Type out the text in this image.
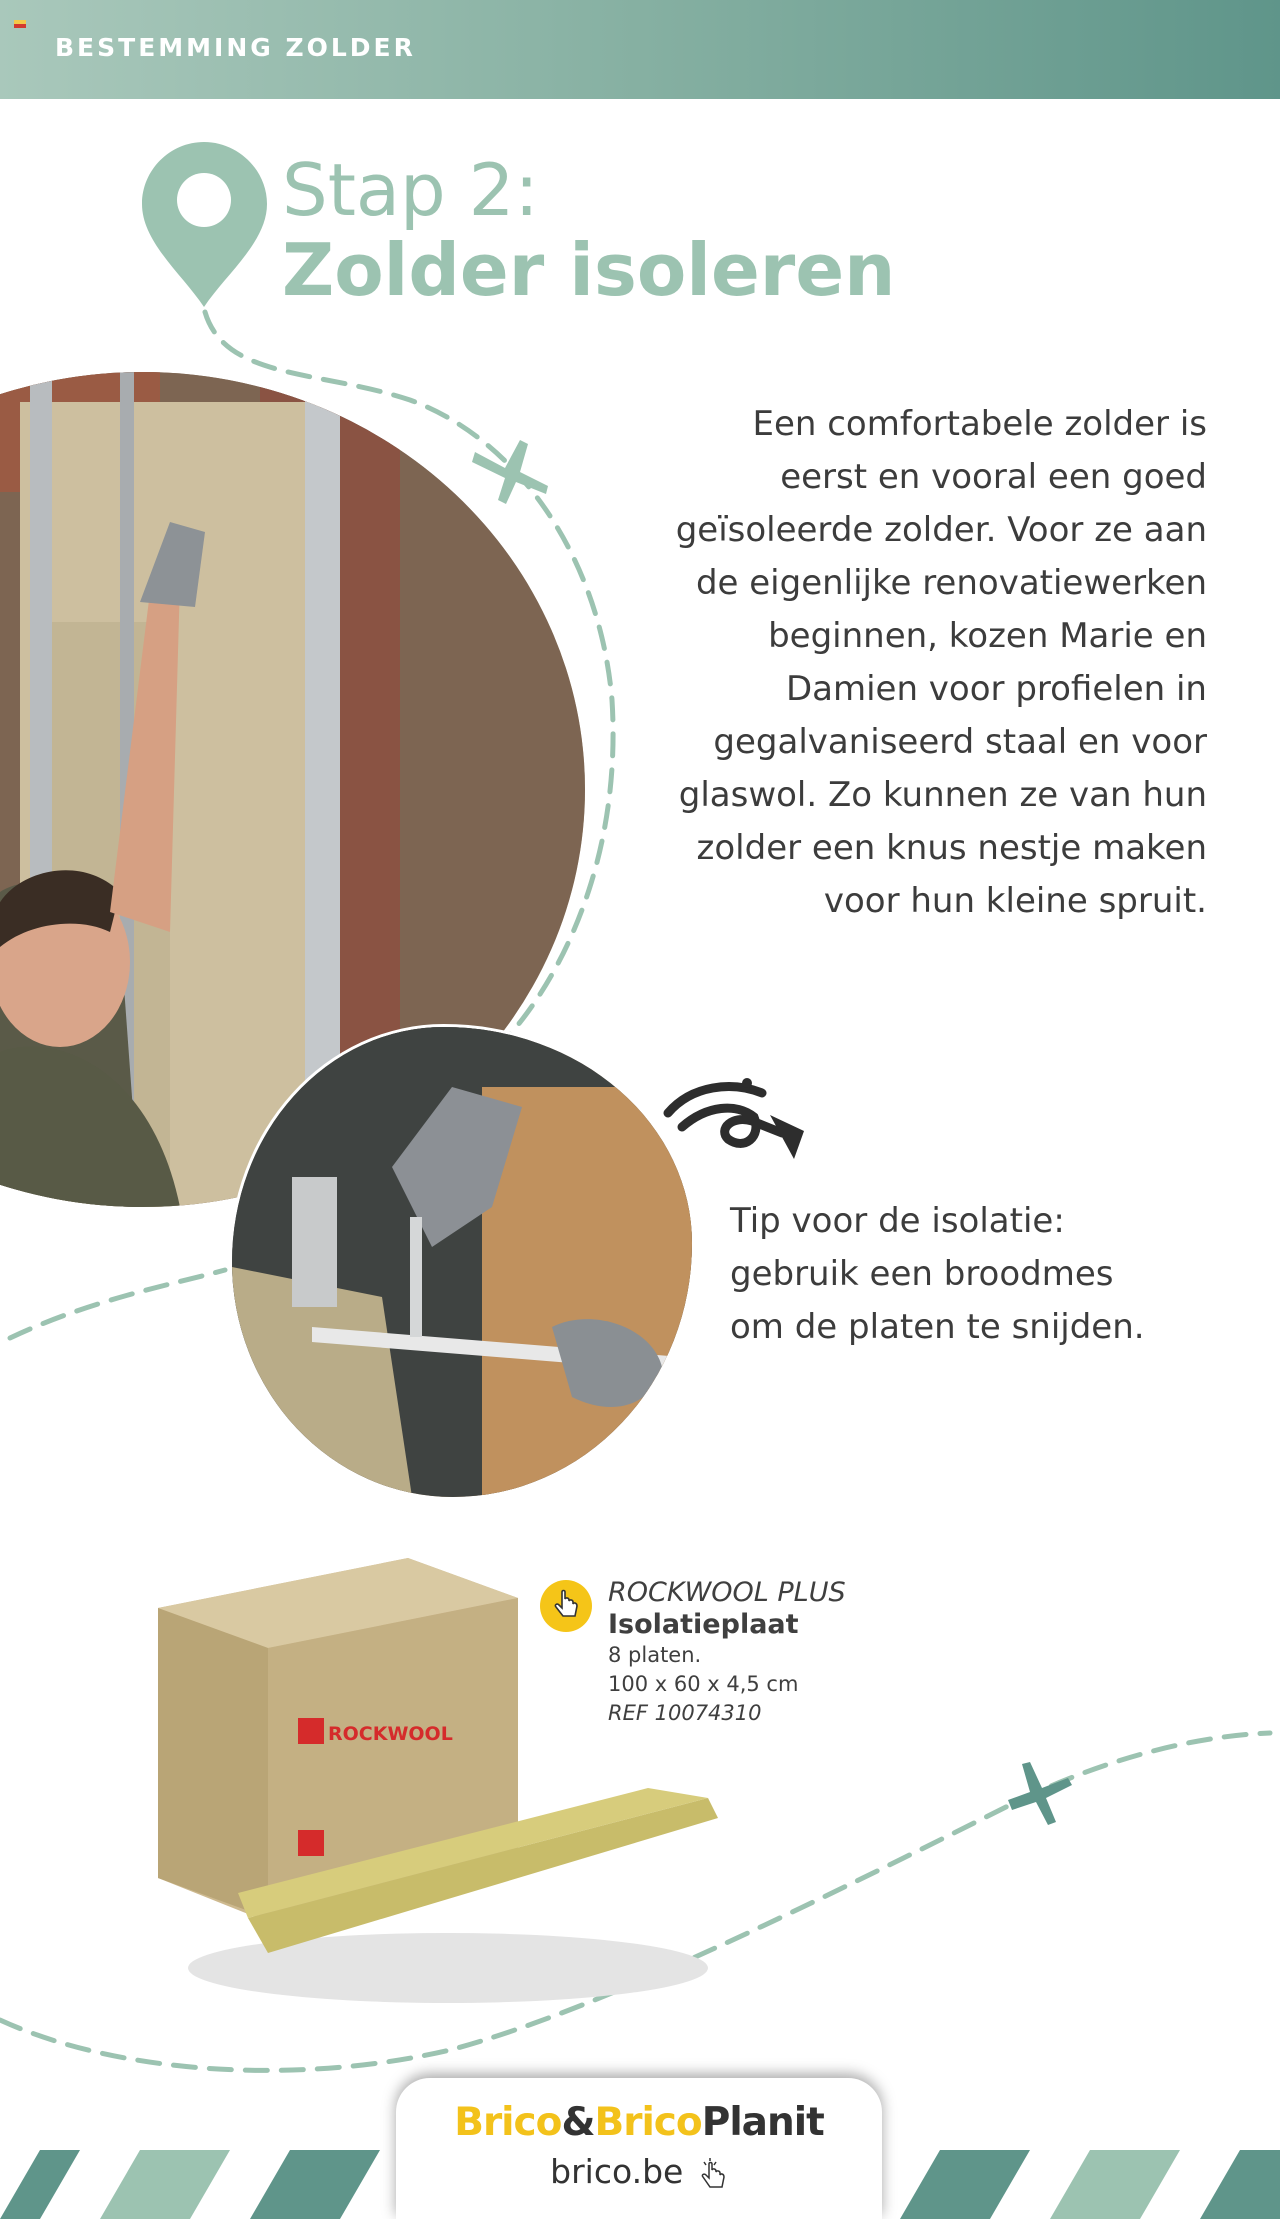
BESTEMMING ZOLDER
Stap 2:
Zolder isoleren
Een comfortabele zolder is
eerst en vooral een goed
geïsoleerde zolder. Voor ze aan
de eigenlijke renovatiewerken
beginnen, kozen Marie en
Damien voor profielen in
gegalvaniseerd staal en voor
glaswol. Zo kunnen ze van hun
zolder een knus nestje maken
voor hun kleine spruit.
Tip voor de isolatie:
gebruik een broodmes
om de platen te snijden.
ROCKWOOL
ROCKWOOL PLUS
Isolatieplaat
8 platen.
100 x 60 x 4,5 cm
REF 10074310
Brico&BricoPlanit
brico.be
